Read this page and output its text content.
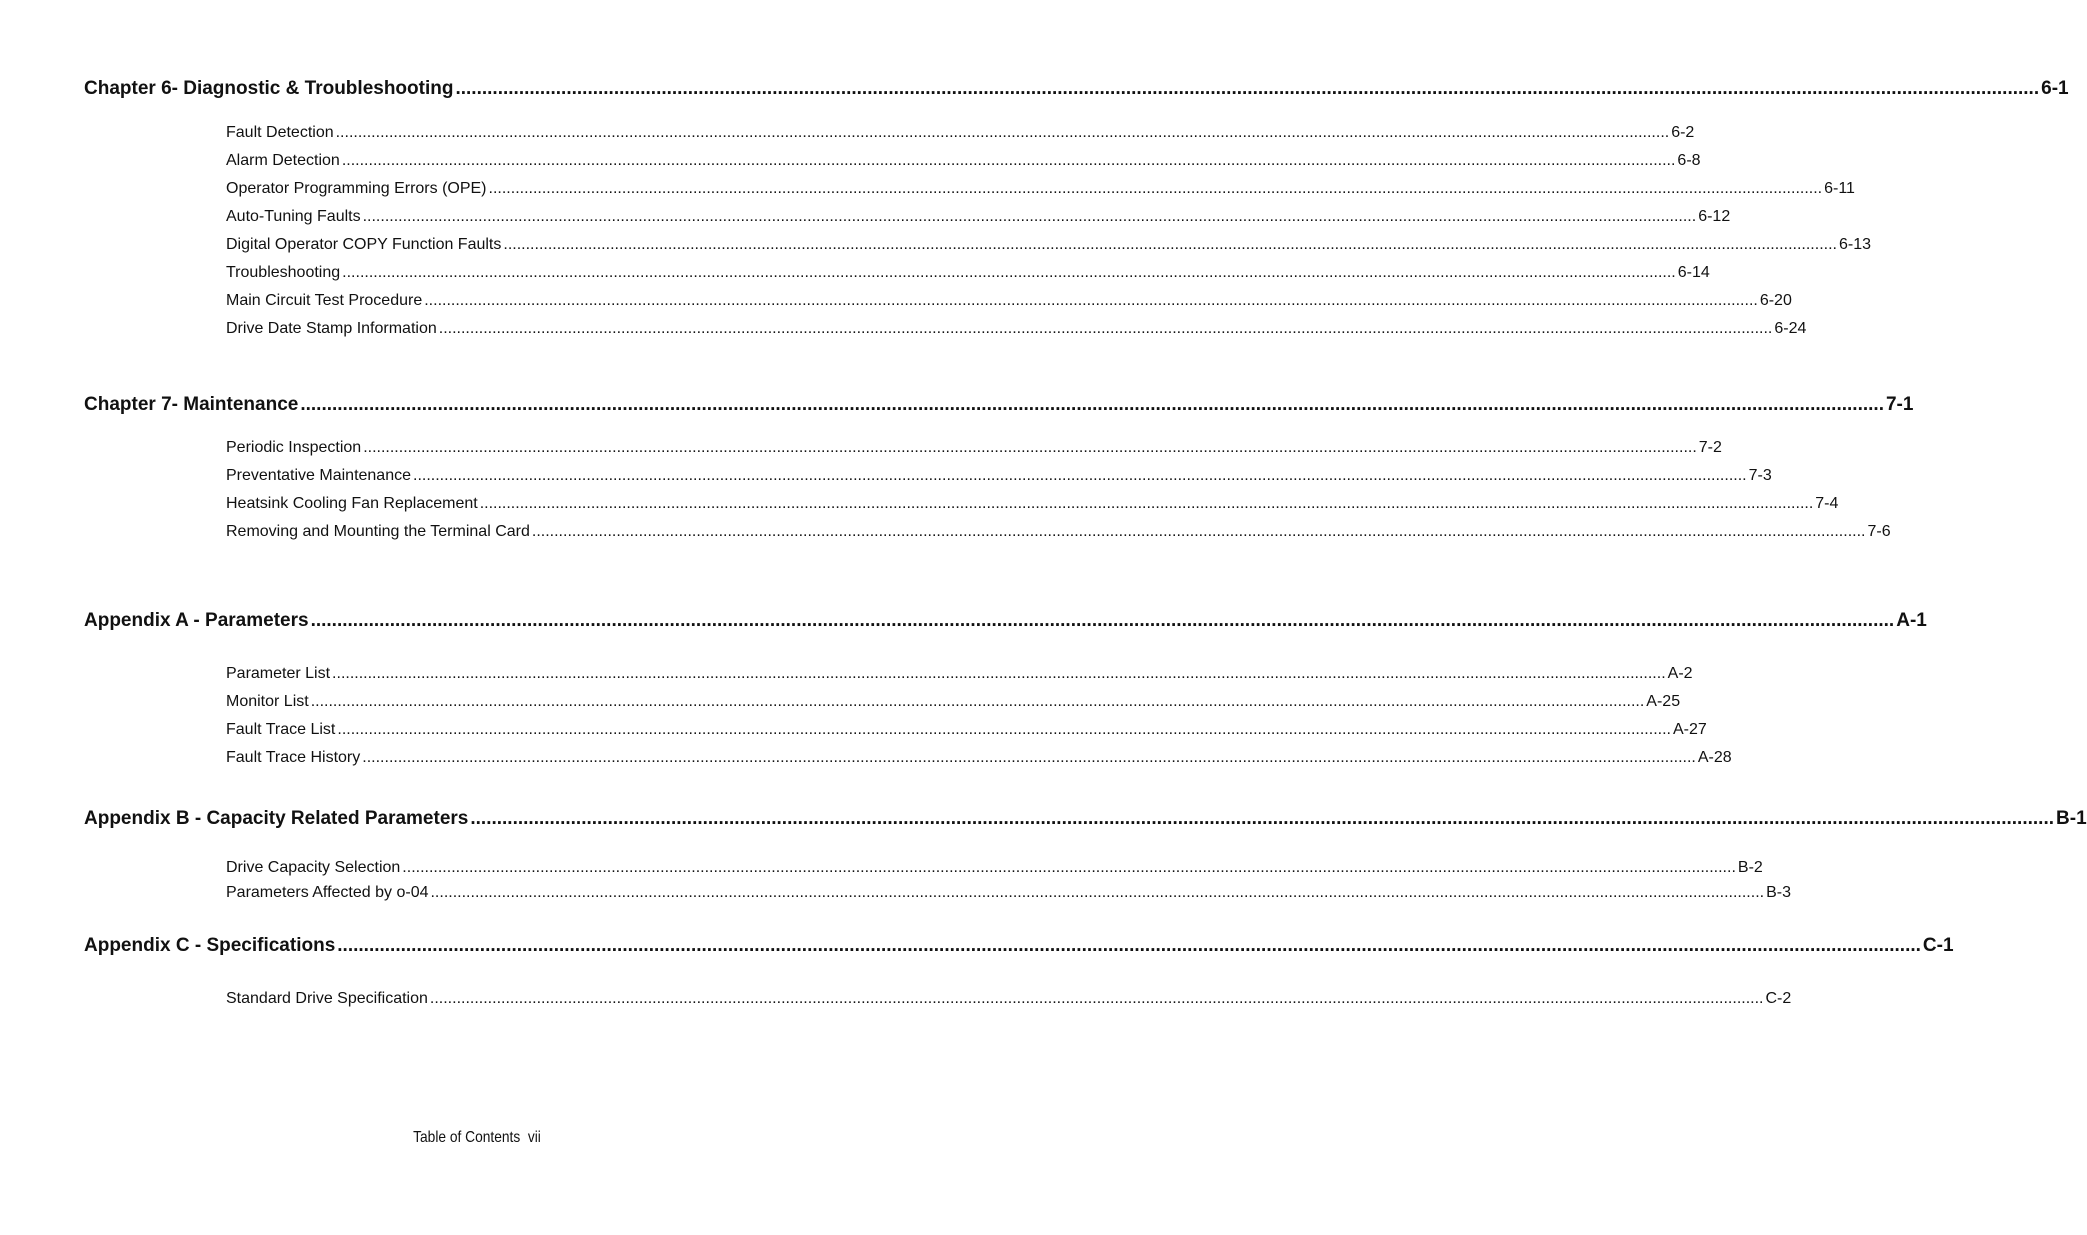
Chapter 6- Diagnostic & Troubleshooting ............................................................................................................................................................................................................................................................................................................ 6-1
Fault Detection ............................................................................................................................................................................................................................................................................................................ 6-2
Alarm Detection ............................................................................................................................................................................................................................................................................................................ 6-8
Operator Programming Errors (OPE) ............................................................................................................................................................................................................................................................................................................ 6-11
Auto-Tuning Faults ............................................................................................................................................................................................................................................................................................................ 6-12
Digital Operator COPY Function Faults ............................................................................................................................................................................................................................................................................................................ 6-13
Troubleshooting ............................................................................................................................................................................................................................................................................................................ 6-14
Main Circuit Test Procedure ............................................................................................................................................................................................................................................................................................................ 6-20
Drive Date Stamp Information ............................................................................................................................................................................................................................................................................................................ 6-24
Chapter 7- Maintenance ............................................................................................................................................................................................................................................................................................................ 7-1
Periodic Inspection ............................................................................................................................................................................................................................................................................................................ 7-2
Preventative Maintenance ............................................................................................................................................................................................................................................................................................................ 7-3
Heatsink Cooling Fan Replacement ............................................................................................................................................................................................................................................................................................................ 7-4
Removing and Mounting the Terminal Card ............................................................................................................................................................................................................................................................................................................ 7-6
Appendix A - Parameters ............................................................................................................................................................................................................................................................................................................ A-1
Parameter List ............................................................................................................................................................................................................................................................................................................ A-2
Monitor List ............................................................................................................................................................................................................................................................................................................ A-25
Fault Trace List ............................................................................................................................................................................................................................................................................................................ A-27
Fault Trace History ............................................................................................................................................................................................................................................................................................................ A-28
Appendix B - Capacity Related Parameters ............................................................................................................................................................................................................................................................................................................ B-1
Drive Capacity Selection ............................................................................................................................................................................................................................................................................................................ B-2
Parameters Affected by o-04 ............................................................................................................................................................................................................................................................................................................ B-3
Appendix C - Specifications ............................................................................................................................................................................................................................................................................................................ C-1
Standard Drive Specification ............................................................................................................................................................................................................................................................................................................ C-2
Table of Contents vii
